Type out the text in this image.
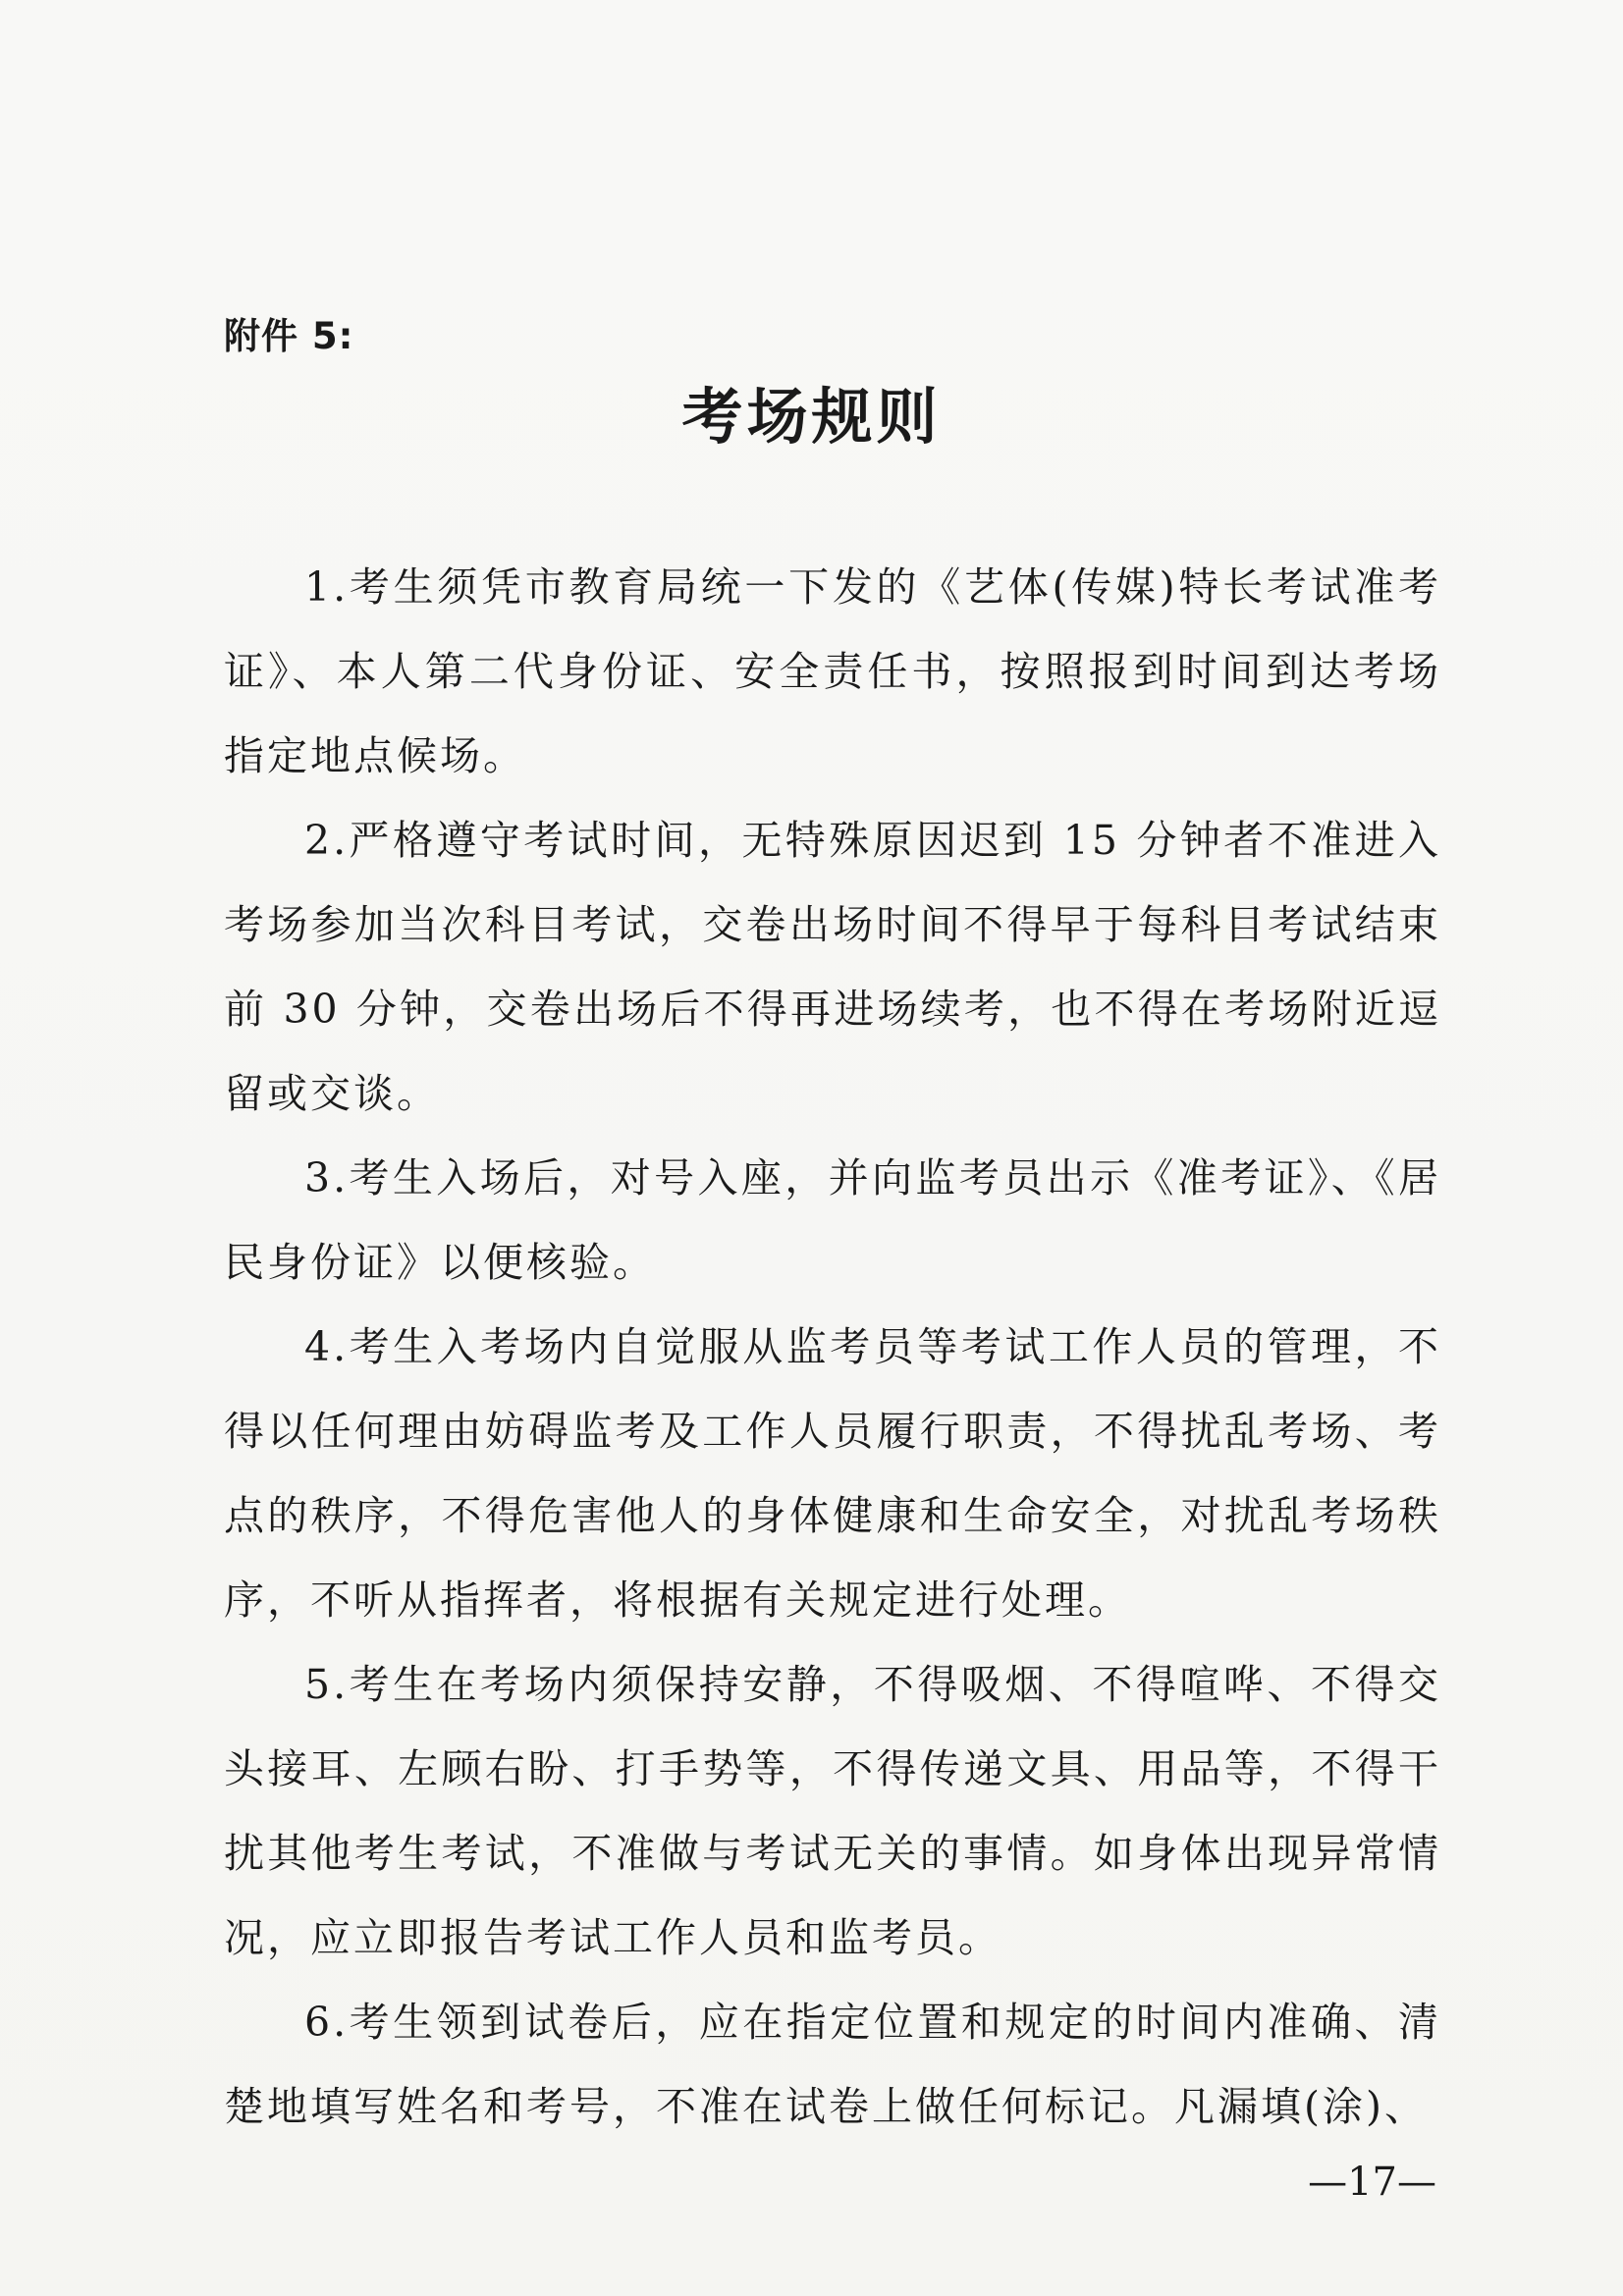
附件 5:
考场规则

1.考生须凭市教育局统一下发的《艺体(传媒)特长考试准考证》、本人第二代身份证、安全责任书，按照报到时间到达考场指定地点候场。

2.严格遵守考试时间，无特殊原因迟到 15 分钟者不准进入考场参加当次科目考试，交卷出场时间不得早于每科目考试结束前 30 分钟，交卷出场后不得再进场续考，也不得在考场附近逗留或交谈。

3.考生入场后，对号入座，并向监考员出示《准考证》、《居民身份证》以便核验。

4.考生入考场内自觉服从监考员等考试工作人员的管理，不得以任何理由妨碍监考及工作人员履行职责，不得扰乱考场、考点的秩序，不得危害他人的身体健康和生命安全，对扰乱考场秩序，不听从指挥者，将根据有关规定进行处理。

5.考生在考场内须保持安静，不得吸烟、不得喧哗、不得交头接耳、左顾右盼、打手势等，不得传递文具、用品等，不得干扰其他考生考试，不准做与考试无关的事情。如身体出现异常情况，应立即报告考试工作人员和监考员。

6.考生领到试卷后，应在指定位置和规定的时间内准确、清楚地填写姓名和考号，不准在试卷上做任何标记。凡漏填(涂)、

—17—
